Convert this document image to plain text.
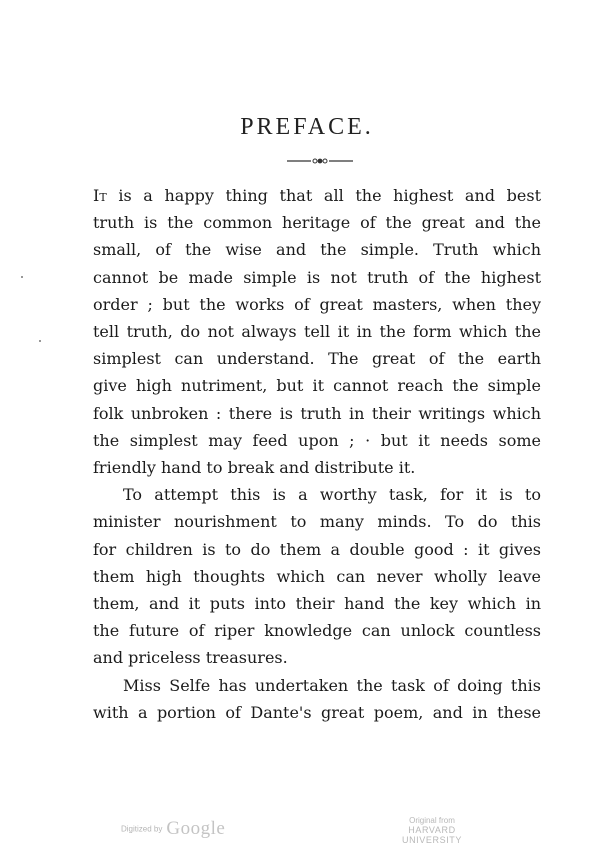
PREFACE.
It is a happy thing that all the highest and best
truth is the common heritage of the great and the
small, of the wise and the simple. Truth which
cannot be made simple is not truth of the highest
order ; but the works of great masters, when they
tell truth, do not always tell it in the form which the
simplest can understand. The great of the earth
give high nutriment, but it cannot reach the simple
folk unbroken : there is truth in their writings which
the simplest may feed upon ; · but it needs some
friendly hand to break and distribute it.
To attempt this is a worthy task, for it is to
minister nourishment to many minds. To do this
for children is to do them a double good : it gives
them high thoughts which can never wholly leave
them, and it puts into their hand the key which in
the future of riper knowledge can unlock countless
and priceless treasures.
Miss Selfe has undertaken the task of doing this
with a portion of Dante's great poem, and in these
Digitized by Google	Original from
HARVARD UNIVERSITY
